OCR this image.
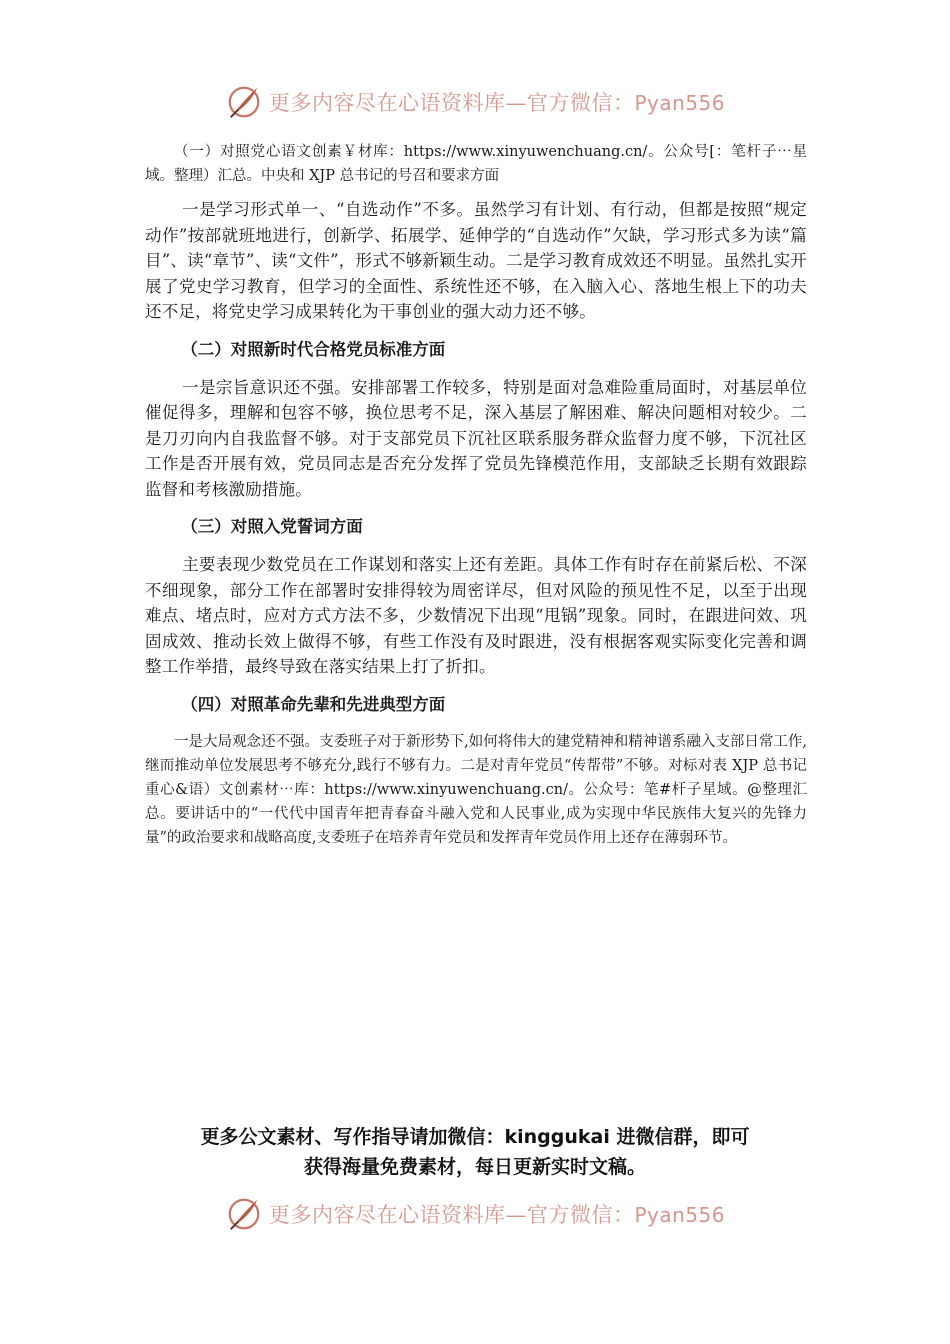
更多内容尽在心语资料库—官方微信：Pyan556

（一）对照党心语文创素￥材库：https://www.xinyuwenchuang.cn/。公众号[：笔杆子⋯星域。整理）汇总。中央和 XJP 总书记的号召和要求方面

一是学习形式单一、“自选动作”不多。虽然学习有计划、有行动，但都是按照“规定动作”按部就班地进行，创新学、拓展学、延伸学的“自选动作”欠缺，学习形式多为读“篇目”、读“章节”、读“文件”，形式不够新颖生动。二是学习教育成效还不明显。虽然扎实开展了党史学习教育，但学习的全面性、系统性还不够，在入脑入心、落地生根上下的功夫还不足，将党史学习成果转化为干事创业的强大动力还不够。

（二）对照新时代合格党员标准方面

一是宗旨意识还不强。安排部署工作较多，特别是面对急难险重局面时，对基层单位催促得多，理解和包容不够，换位思考不足，深入基层了解困难、解决问题相对较少。二是刀刃向内自我监督不够。对于支部党员下沉社区联系服务群众监督力度不够，下沉社区工作是否开展有效，党员同志是否充分发挥了党员先锋模范作用，支部缺乏长期有效跟踪监督和考核激励措施。

（三）对照入党誓词方面

主要表现少数党员在工作谋划和落实上还有差距。具体工作有时存在前紧后松、不深不细现象，部分工作在部署时安排得较为周密详尽，但对风险的预见性不足，以至于出现难点、堵点时，应对方式方法不多，少数情况下出现“甩锅”现象。同时，在跟进问效、巩固成效、推动长效上做得不够，有些工作没有及时跟进，没有根据客观实际变化完善和调整工作举措，最终导致在落实结果上打了折扣。

（四）对照革命先辈和先进典型方面

一是大局观念还不强。支委班子对于新形势下,如何将伟大的建党精神和精神谱系融入支部日常工作,继而推动单位发展思考不够充分,践行不够有力。二是对青年党员“传帮带”不够。对标对表 XJP 总书记重心&语）文创素材⋯库：https://www.xinyuwenchuang.cn/。公众号：笔#杆子星域。@整理汇总。要讲话中的“一代代中国青年把青春奋斗融入党和人民事业,成为实现中华民族伟大复兴的先锋力量”的政治要求和战略高度,支委班子在培养青年党员和发挥青年党员作用上还存在薄弱环节。

更多公文素材、写作指导请加微信：kinggukai 进微信群，即可
获得海量免费素材，每日更新实时文稿。
更多内容尽在心语资料库—官方微信：Pyan556
